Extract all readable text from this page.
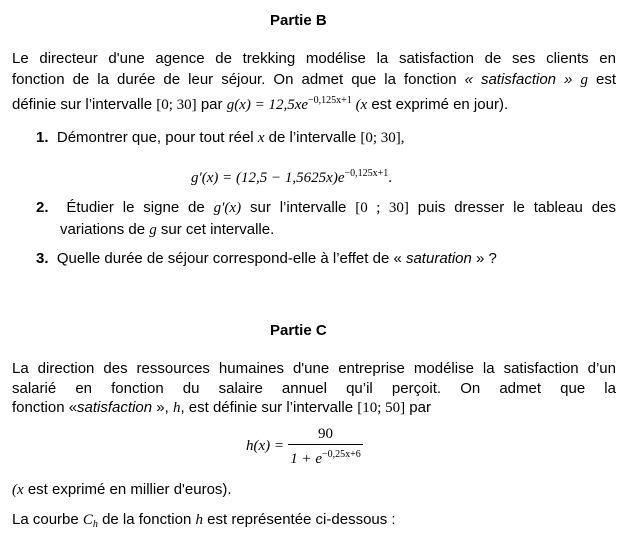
Partie B
Le directeur d'une agence de trekking modélise la satisfaction de ses clients en
fonction de la durée de leur séjour. On admet que la fonction « satisfaction » g est
définie sur l’intervalle [0; 30] par $g(x) = 12,5xe^{-0,125x+1}$ (x est exprimé en jour).
1. Démontrer que, pour tout réel x de l’intervalle [0; 30],
$g'(x) = (12,5 - 1,5625x)e^{-0,125x+1}$.
2. Étudier le signe de g′(x) sur l’intervalle [0 ; 30] puis dresser le tableau des
variations de g sur cet intervalle.
3. Quelle durée de séjour correspond-elle à l’effet de « saturation » ?
Partie C
La direction des ressources humaines d'une entreprise modélise la satisfaction d’un
salarié en fonction du salaire annuel qu’il perçoit. On admet que la
fonction «satisfaction », h, est définie sur l’intervalle [10; 50] par
$h(x) = \frac{90}{1 + e^{-0,25x+6}}$
(x est exprimé en millier d'euros).
La courbe $C_h$ de la fonction h est représentée ci-dessous :
